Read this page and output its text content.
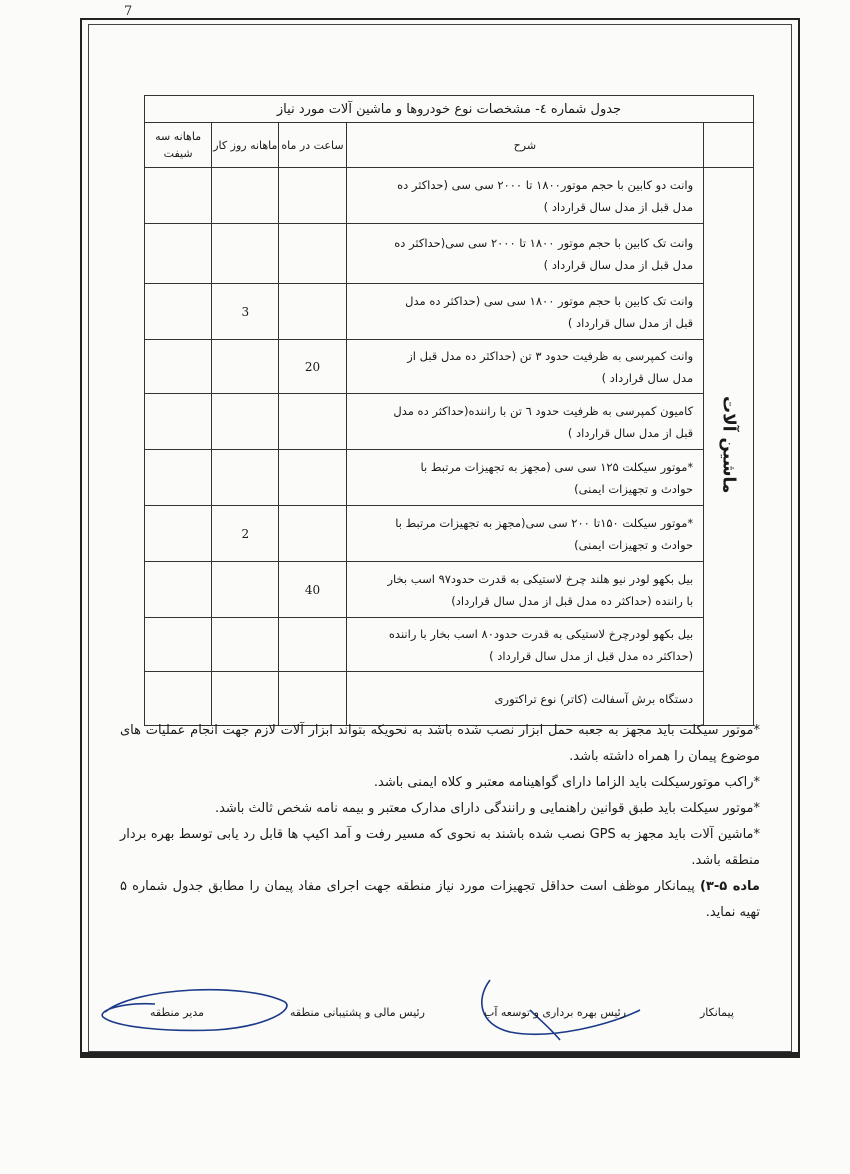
7
جدول شماره ٤- مشخصات نوع خودروها و ماشین آلات مورد نیاز				
	شرح	ساعت در ماه	ماهانه روز کار	ماهانه سه شیفت
ماشین آلات	وانت دو کابین با حجم موتور۱۸۰۰ تا ۲۰۰۰ سی سی (حداکثر ده مدل قبل از مدل سال قرارداد )			
	وانت تک کابین با حجم موتور ۱۸۰۰ تا ۲۰۰۰ سی سی(حداکثر ده مدل قبل از مدل سال قرارداد )			
	وانت تک کابین با حجم موتور ۱۸۰۰ سی سی (حداکثر ده مدل قبل از مدل سال قرارداد )		3	
	وانت کمپرسی به ظرفیت حدود ۳ تن (حداکثر ده مدل قبل از مدل سال قرارداد )	20		
	کامیون کمپرسی به ظرفیت حدود ٦ تن با راننده(حداکثر ده مدل قبل از مدل سال قرارداد )			
	*موتور سیکلت ۱۲۵ سی سی (مجهز به تجهیزات مرتبط با حوادث و تجهیزات ایمنی)			
	*موتور سیکلت ۱۵۰تا ۲۰۰ سی سی(مجهز به تجهیزات مرتبط با حوادث و تجهیزات ایمنی)		2	
	بیل بکهو لودر نیو هلند چرخ لاستیکی به قدرت حدود۹۷ اسب بخار با راننده (حداکثر ده مدل قبل از مدل سال قرارداد)	40		
	بیل بکهو لودرچرخ لاستیکی به قدرت حدود۸۰ اسب بخار با راننده (حداکثر ده مدل قبل از مدل سال قرارداد )			
	دستگاه برش آسفالت (کاتر) نوع تراکتوری			

*موتور سیکلت باید مجهز به جعبه حمل ابزار نصب شده باشد به نحویکه بتواند ابزار آلات لازم جهت انجام عملیات های موضوع پیمان را همراه داشته باشد.

*راکب موتورسیکلت باید الزاما دارای گواهینامه معتبر و کلاه ایمنی باشد.

*موتور سیکلت باید طبق قوانین راهنمایی و رانندگی دارای مدارک معتبر و بیمه نامه شخص ثالث باشد.

*ماشین آلات باید مجهز به GPS نصب شده باشند به نحوی که مسیر رفت و آمد اکیپ ها قابل رد یابی توسط بهره بردار منطقه باشد.

ماده ۵-۳) پیمانکار موظف است حداقل تجهیزات مورد نیاز منطقه جهت اجرای مفاد پیمان را مطابق جدول شماره ۵ تهیه نماید.

پیمانکار
رئیس بهره برداری و توسعه آب
رئیس مالی و پشتیبانی منطقه
مدیر منطقه
